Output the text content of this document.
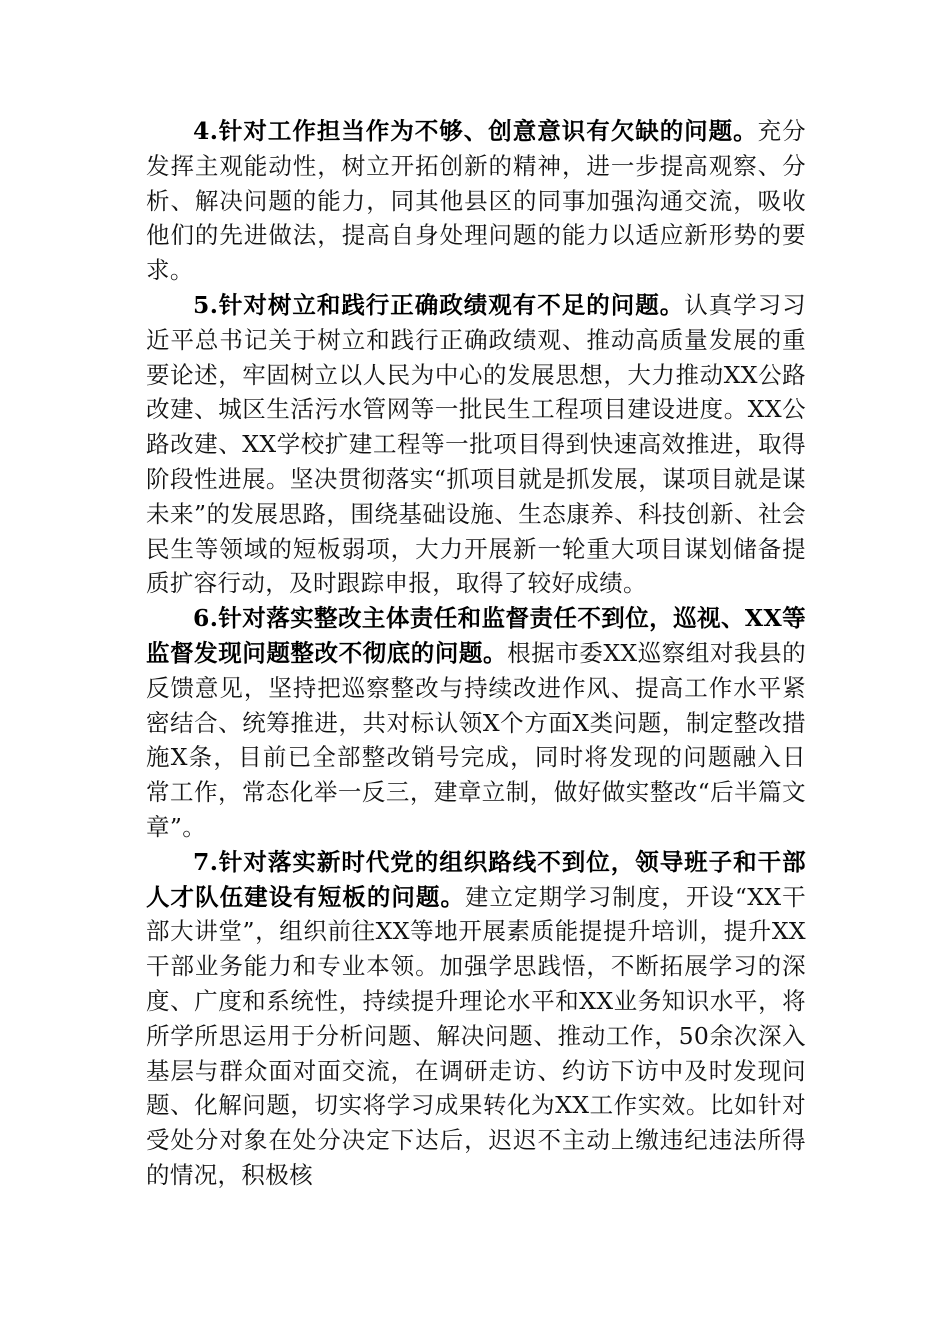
4.针对工作担当作为不够、创意意识有欠缺的问题。充分发挥主观能动性，树立开拓创新的精神，进一步提高观察、分析、解决问题的能力，同其他县区的同事加强沟通交流，吸收他们的先进做法，提高自身处理问题的能力以适应新形势的要求。

5.针对树立和践行正确政绩观有不足的问题。认真学习习近平总书记关于树立和践行正确政绩观、推动高质量发展的重要论述，牢固树立以人民为中心的发展思想，大力推动XX公路改建、城区生活污水管网等一批民生工程项目建设进度。XX公路改建、XX学校扩建工程等一批项目得到快速高效推进，取得阶段性进展。坚决贯彻落实“抓项目就是抓发展，谋项目就是谋未来”的发展思路，围绕基础设施、生态康养、科技创新、社会民生等领域的短板弱项，大力开展新一轮重大项目谋划储备提质扩容行动，及时跟踪申报，取得了较好成绩。

6.针对落实整改主体责任和监督责任不到位，巡视、XX等监督发现问题整改不彻底的问题。根据市委XX巡察组对我县的反馈意见，坚持把巡察整改与持续改进作风、提高工作水平紧密结合、统筹推进，共对标认领X个方面X类问题，制定整改措施X条，目前已全部整改销号完成，同时将发现的问题融入日常工作，常态化举一反三，建章立制，做好做实整改“后半篇文章”。

7.针对落实新时代党的组织路线不到位，领导班子和干部人才队伍建设有短板的问题。建立定期学习制度，开设“XX干部大讲堂”，组织前往XX等地开展素质能提提升培训，提升XX干部业务能力和专业本领。加强学思践悟，不断拓展学习的深度、广度和系统性，持续提升理论水平和XX业务知识水平，将所学所思运用于分析问题、解决问题、推动工作，50余次深入基层与群众面对面交流，在调研走访、约访下访中及时发现问题、化解问题，切实将学习成果转化为XX工作实效。比如针对受处分对象在处分决定下达后，迟迟不主动上缴违纪违法所得的情况，积极核
